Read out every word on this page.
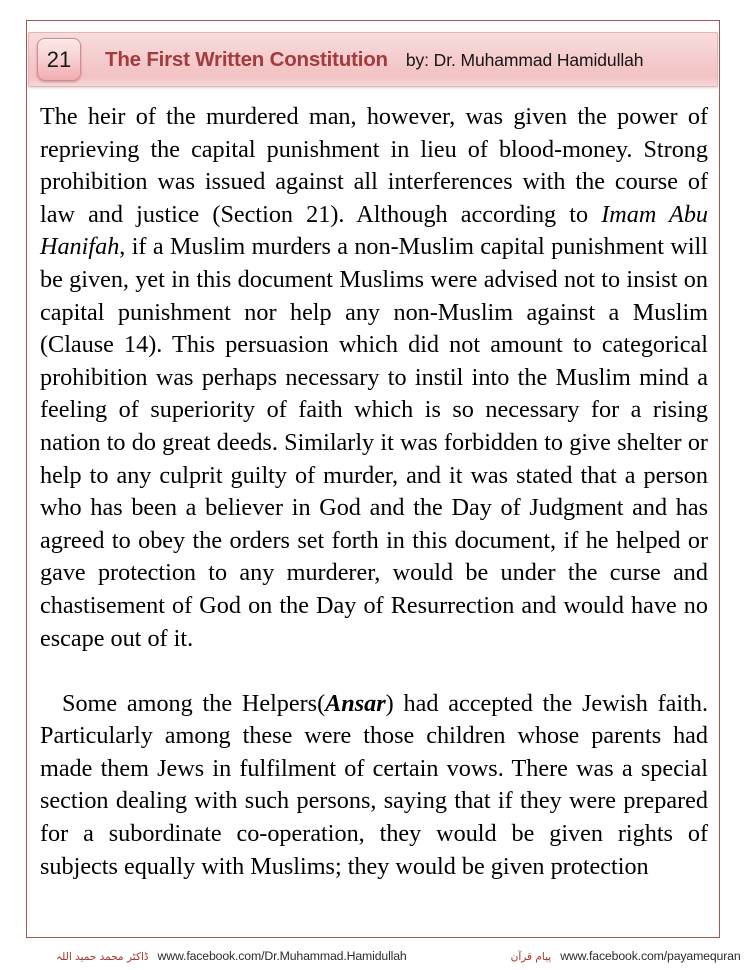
21	The First Written Constitution by: Dr. Muhammad Hamidullah

The heir of the murdered man, however, was given the power of reprieving the capital punishment in lieu of blood-money. Strong prohibition was issued against all interferences with the course of law and justice (Section 21). Although according to Imam Abu Hanifah, if a Muslim murders a non-Muslim capital punishment will be given, yet in this document Muslims were advised not to insist on capital punishment nor help any non-Muslim against a Muslim (Clause 14). This persuasion which did not amount to categorical prohibition was perhaps necessary to instil into the Muslim mind a feeling of superiority of faith which is so necessary for a rising nation to do great deeds. Similarly it was forbidden to give shelter or help to any culprit guilty of murder, and it was stated that a person who has been a believer in God and the Day of Judgment and has agreed to obey the orders set forth in this document, if he helped or gave protection to any murderer, would be under the curse and chastisement of God on the Day of Resurrection and would have no escape out of it.

Some among the Helpers(Ansar) had accepted the Jewish faith. Particularly among these were those children whose parents had made them Jews in fulfilment of certain vows. There was a special section dealing with such persons, saying that if they were prepared for a subordinate co-operation, they would be given rights of subjects equally with Muslims; they would be given protection

ڈاکٹر محمد حمید اللہ www.facebook.com/Dr.Muhammad.Hamidullah	پیام قرآن www.facebook.com/payamequran
